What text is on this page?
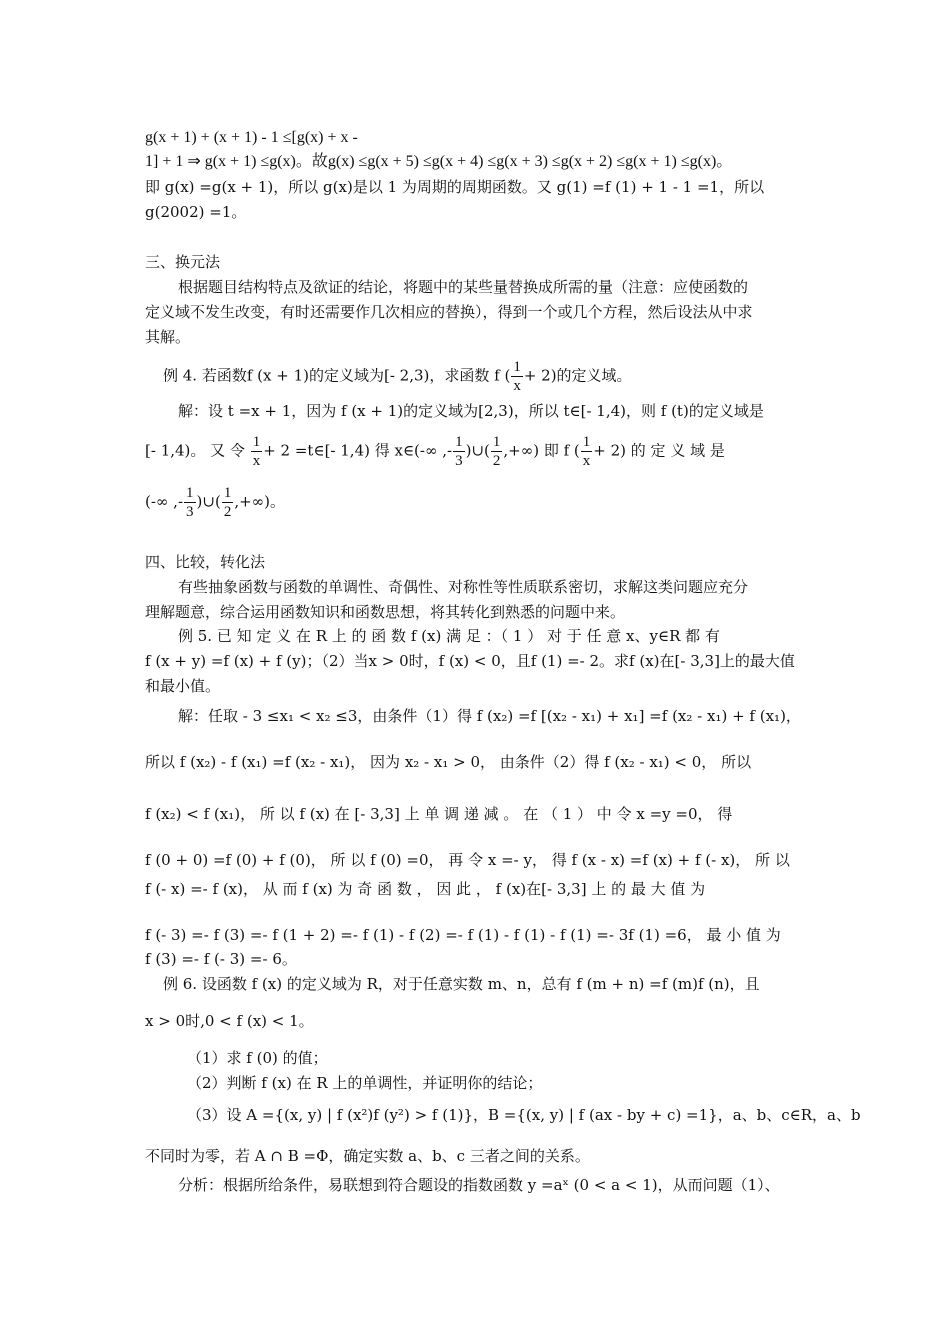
g(x + 1) + (x + 1) - 1 ≤[g(x) + x -
1] + 1 ⇒ g(x + 1) ≤g(x)。故g(x) ≤g(x + 5) ≤g(x + 4) ≤g(x + 3) ≤g(x + 2) ≤g(x + 1) ≤g(x)。
即 g(x) =g(x + 1)，所以 g(x)是以 1 为周期的周期函数。又 g(1) =f (1) + 1 - 1 =1，所以
g(2002) =1。
三、换元法
根据题目结构特点及欲证的结论，将题中的某些量替换成所需的量（注意：应使函数的
定义域不发生改变，有时还需要作几次相应的替换），得到一个或几个方程，然后设法从中求
其解。
例 4. 若函数f (x + 1)的定义域为[- 2,3)，求函数 f ( $\frac{1}{x} + 2$)的定义域。
解：设 t =x + 1，因为 f (x + 1)的定义域为[2,3)，所以 t∈[- 1,4)，则 f (t)的定义域是
[- 1,4)。 又 令 $\frac{1}{x} + 2$ =t∈[- 1,4) 得 x∈(-∞ ,- $\frac{1}{3}$ )∪( $\frac{1}{2}$ ,+∞) 即 f ( $\frac{1}{x} + 2$) 的 定 义 域 是
(-∞ ,- $\frac{1}{3}$ )∪( $\frac{1}{2}$ ,+∞)。
四、比较，转化法
有些抽象函数与函数的单调性、奇偶性、对称性等性质联系密切，求解这类问题应充分
理解题意，综合运用函数知识和函数思想，将其转化到熟悉的问题中来。
例 5. 已 知 定 义 在 R 上 的 函 数 f (x) 满 足 ：（ 1 ） 对 于 任 意 x、y∈R 都 有
f (x + y) =f (x) + f (y)；（2）当x > 0时，f (x) < 0，且f (1) =- 2。求f (x)在[- 3,3]上的最大值
和最小值。
解：任取 - 3 ≤x₁ < x₂ ≤3，由条件（1）得 f (x₂) =f [(x₂ - x₁) + x₁] =f (x₂ - x₁) + f (x₁)，
所以 f (x₂) - f (x₁) =f (x₂ - x₁)， 因为 x₂ - x₁ > 0， 由条件（2）得 f (x₂ - x₁) < 0， 所以
f (x₂) < f (x₁)， 所 以 f (x) 在 [- 3,3] 上 单 调 递 减 。 在 （ 1 ） 中 令 x =y =0， 得
f (0 + 0) =f (0) + f (0)， 所 以 f (0) =0， 再 令 x =- y， 得 f (x - x) =f (x) + f (- x)， 所 以
f (- x) =- f (x)， 从 而 f (x) 为 奇 函 数 ， 因 此 ， f (x)在[- 3,3] 上 的 最 大 值 为
f (- 3) =- f (3) =- f (1 + 2) =- f (1) - f (2) =- f (1) - f (1) - f (1) =- 3f (1) =6， 最 小 值 为
f (3) =- f (- 3) =- 6。
例 6. 设函数 f (x) 的定义域为 R，对于任意实数 m、n，总有 f (m + n) =f (m)f (n)，且
x > 0时,0 < f (x) < 1。
（1）求 f (0) 的值；
（2）判断 f (x) 在 R 上的单调性，并证明你的结论；
（3）设 A ={(x, y) | f (x²)f (y²) > f (1)}，B ={(x, y) | f (ax - by + c) =1}，a、b、c∈R，a、b
不同时为零，若 A ∩ B =Φ，确定实数 a、b、c 三者之间的关系。
分析：根据所给条件，易联想到符合题设的指数函数 y =aˣ (0 < a < 1)，从而问题（1）、
